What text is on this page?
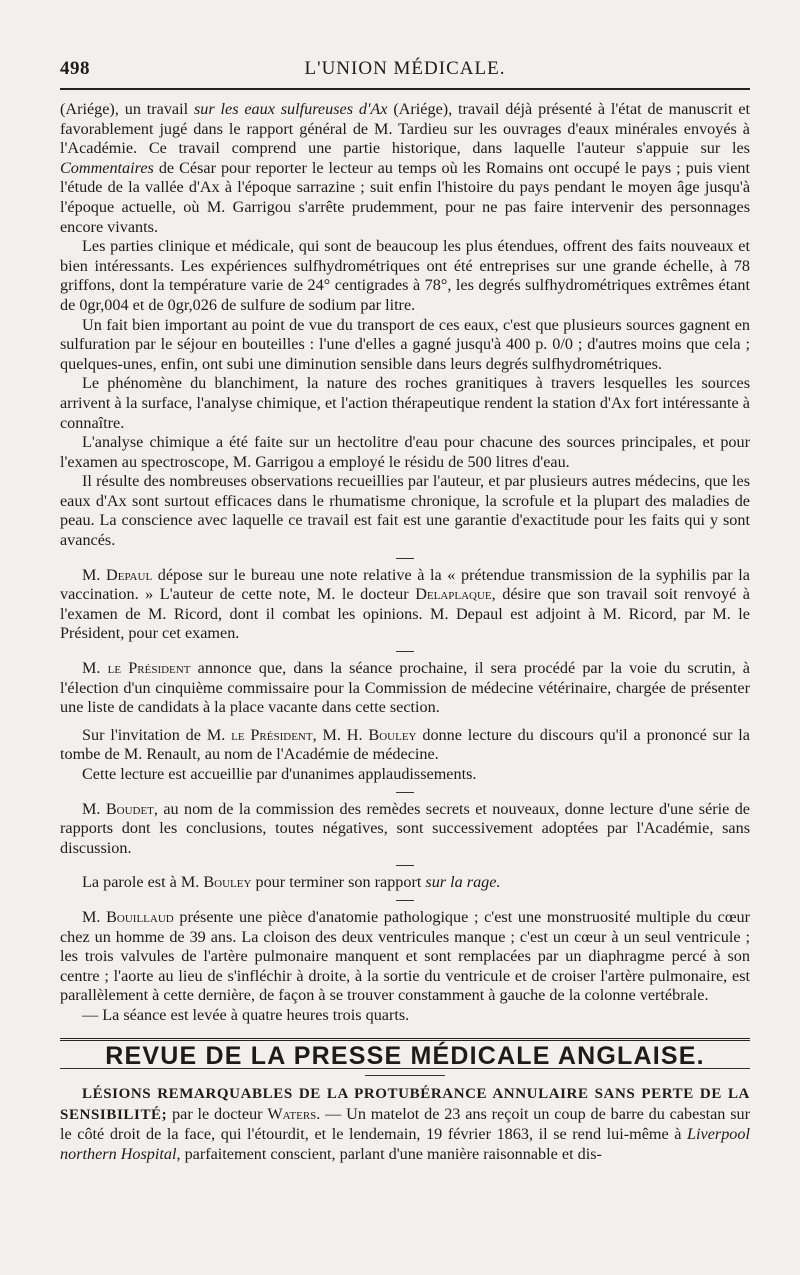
498	L'UNION MÉDICALE.

(Ariége), un travail sur les eaux sulfureuses d'Ax (Ariége), travail déjà présenté à l'état de manuscrit et favorablement jugé dans le rapport général de M. Tardieu sur les ouvrages d'eaux minérales envoyés à l'Académie. Ce travail comprend une partie historique, dans laquelle l'auteur s'appuie sur les Commentaires de César pour reporter le lecteur au temps où les Romains ont occupé le pays ; puis vient l'étude de la vallée d'Ax à l'époque sarrazine ; suit enfin l'histoire du pays pendant le moyen âge jusqu'à l'époque actuelle, où M. Garrigou s'arrête prudemment, pour ne pas faire intervenir des personnages encore vivants.

Les parties clinique et médicale, qui sont de beaucoup les plus étendues, offrent des faits nouveaux et bien intéressants. Les expériences sulfhydrométriques ont été entreprises sur une grande échelle, à 78 griffons, dont la température varie de 24° centigrades à 78°, les degrés sulfhydrométriques extrêmes étant de 0gr,004 et de 0gr,026 de sulfure de sodium par litre.

Un fait bien important au point de vue du transport de ces eaux, c'est que plusieurs sources gagnent en sulfuration par le séjour en bouteilles : l'une d'elles a gagné jusqu'à 400 p. 0/0 ; d'autres moins que cela ; quelques-unes, enfin, ont subi une diminution sensible dans leurs degrés sulfhydrométriques.

Le phénomène du blanchiment, la nature des roches granitiques à travers lesquelles les sources arrivent à la surface, l'analyse chimique, et l'action thérapeutique rendent la station d'Ax fort intéressante à connaître.

L'analyse chimique a été faite sur un hectolitre d'eau pour chacune des sources principales, et pour l'examen au spectroscope, M. Garrigou a employé le résidu de 500 litres d'eau.

Il résulte des nombreuses observations recueillies par l'auteur, et par plusieurs autres médecins, que les eaux d'Ax sont surtout efficaces dans le rhumatisme chronique, la scrofule et la plupart des maladies de peau. La conscience avec laquelle ce travail est fait est une garantie d'exactitude pour les faits qui y sont avancés.

M. Depaul dépose sur le bureau une note relative à la « prétendue transmission de la syphilis par la vaccination. » L'auteur de cette note, M. le docteur Delaplaque, désire que son travail soit renvoyé à l'examen de M. Ricord, dont il combat les opinions. M. Depaul est adjoint à M. Ricord, par M. le Président, pour cet examen.

M. le Président annonce que, dans la séance prochaine, il sera procédé par la voie du scrutin, à l'élection d'un cinquième commissaire pour la Commission de médecine vétérinaire, chargée de présenter une liste de candidats à la place vacante dans cette section.

Sur l'invitation de M. le Président, M. H. Bouley donne lecture du discours qu'il a prononcé sur la tombe de M. Renault, au nom de l'Académie de médecine.

Cette lecture est accueillie par d'unanimes applaudissements.

M. Boudet, au nom de la commission des remèdes secrets et nouveaux, donne lecture d'une série de rapports dont les conclusions, toutes négatives, sont successivement adoptées par l'Académie, sans discussion.

La parole est à M. Bouley pour terminer son rapport sur la rage.

M. Bouillaud présente une pièce d'anatomie pathologique ; c'est une monstruosité multiple du cœur chez un homme de 39 ans. La cloison des deux ventricules manque ; c'est un cœur à un seul ventricule ; les trois valvules de l'artère pulmonaire manquent et sont remplacées par un diaphragme percé à son centre ; l'aorte au lieu de s'infléchir à droite, à la sortie du ventricule et de croiser l'artère pulmonaire, est parallèlement à cette dernière, de façon à se trouver constamment à gauche de la colonne vertébrale.

— La séance est levée à quatre heures trois quarts.

REVUE DE LA PRESSE MÉDICALE ANGLAISE.

LÉSIONS REMARQUABLES DE LA PROTUBÉRANCE ANNULAIRE SANS PERTE DE LA SENSIBILITÉ; par le docteur Waters. — Un matelot de 23 ans reçoit un coup de barre du cabestan sur le côté droit de la face, qui l'étourdit, et le lendemain, 19 février 1863, il se rend lui-même à Liverpool northern Hospital, parfaitement conscient, parlant d'une manière raisonnable et dis-
